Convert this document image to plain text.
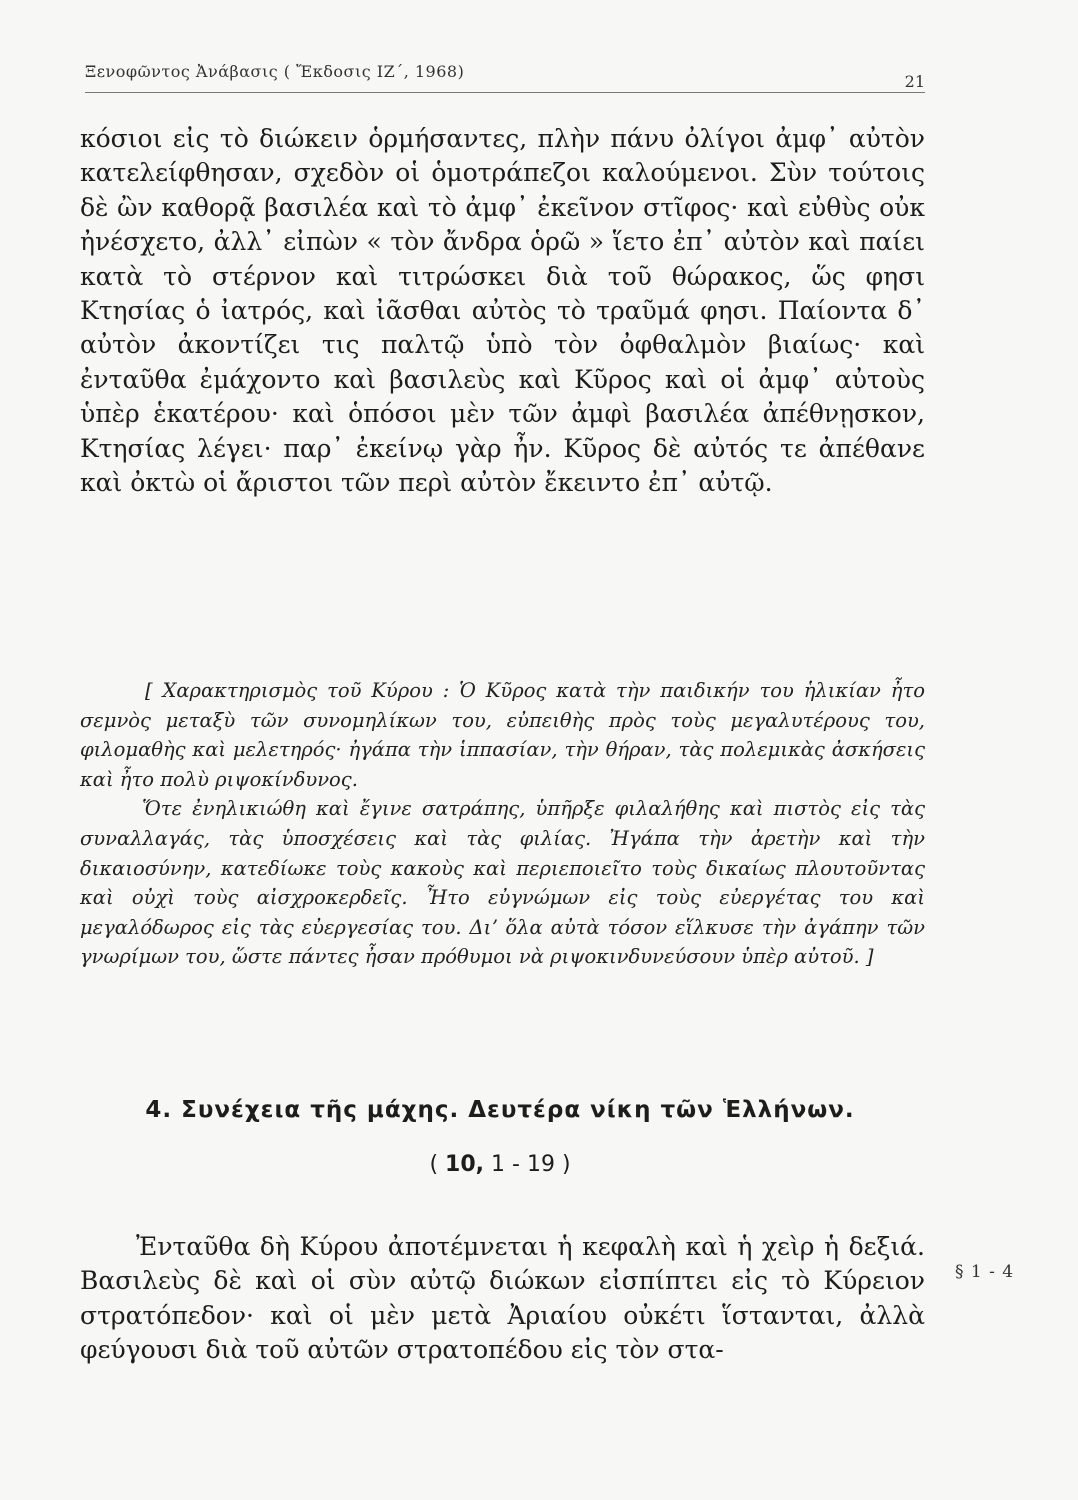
Ξενοφῶντος Ἀνάβασις ( Ἔκδοσις ΙΖ΄, 1968)
21

κόσιοι εἰς τὸ διώκειν ὁρμήσαντες, πλὴν πάνυ ὀλίγοι ἀμφ᾽ αὐτὸν κατελείφθησαν, σχεδὸν οἱ ὁμοτράπεζοι καλούμενοι. Σὺν τούτοις δὲ ὢν καθορᾷ βασιλέα καὶ τὸ ἀμφ᾽ ἐκεῖνον στῖφος· καὶ εὐθὺς οὐκ ἠνέσχετο, ἀλλ᾽ εἰπὼν « τὸν ἄνδρα ὁρῶ » ἵετο ἐπ᾽ αὐτὸν καὶ παίει κατὰ τὸ στέρνον καὶ τιτρώσκει διὰ τοῦ θώρακος, ὥς φησι Κτησίας ὁ ἰατρός, καὶ ἰᾶσθαι αὐτὸς τὸ τραῦμά φησι. Παίοντα δ᾽ αὐτὸν ἀκοντίζει τις παλτῷ ὑπὸ τὸν ὀφθαλμὸν βιαίως· καὶ ἐνταῦθα ἐμάχοντο καὶ βασιλεὺς καὶ Κῦρος καὶ οἱ ἀμφ᾽ αὐτοὺς ὑπὲρ ἑκατέρου· καὶ ὁπόσοι μὲν τῶν ἀμφὶ βασιλέα ἀπέθνῃσκον, Κτησίας λέγει· παρ᾽ ἐκείνῳ γὰρ ἦν. Κῦρος δὲ αὐτός τε ἀπέθανε καὶ ὀκτὼ οἱ ἄριστοι τῶν περὶ αὐτὸν ἔκειντο ἐπ᾽ αὐτῷ.

[ Χαρακτηρισμὸς τοῦ Κύρου : Ὁ Κῦρος κατὰ τὴν παιδικήν του ἡλικίαν ἦτο σεμνὸς μεταξὺ τῶν συνομηλίκων του, εὐπειθὴς πρὸς τοὺς μεγαλυτέρους του, φιλομαθὴς καὶ μελετηρός· ἠγάπα τὴν ἱππασίαν, τὴν θήραν, τὰς πολεμικὰς ἀσκήσεις καὶ ἦτο πολὺ ριψοκίνδυνος.

Ὅτε ἐνηλικιώθη καὶ ἔγινε σατράπης, ὑπῆρξε φιλαλήθης καὶ πιστὸς εἰς τὰς συναλλαγάς, τὰς ὑποσχέσεις καὶ τὰς φιλίας. Ἠγάπα τὴν ἀρετὴν καὶ τὴν δικαιοσύνην, κατεδίωκε τοὺς κακοὺς καὶ περιεποιεῖτο τοὺς δικαίως πλουτοῦντας καὶ οὐχὶ τοὺς αἰσχροκερδεῖς. Ἦτο εὐγνώμων εἰς τοὺς εὐεργέτας του καὶ μεγαλόδωρος εἰς τὰς εὐεργεσίας του. Διʼ ὅλα αὐτὰ τόσον εἵλκυσε τὴν ἀγάπην τῶν γνωρίμων του, ὥστε πάντες ἦσαν πρόθυμοι νὰ ριψοκινδυνεύσουν ὑπὲρ αὐτοῦ. ]

4. Συνέχεια τῆς μάχης. Δευτέρα νίκη τῶν Ἑλλήνων.
( 10, 1 - 19 )

Ἐνταῦθα δὴ Κύρου ἀποτέμνεται ἡ κεφαλὴ καὶ ἡ χεὶρ ἡ δεξιά. Βασιλεὺς δὲ καὶ οἱ σὺν αὐτῷ διώκων εἰσπίπτει εἰς τὸ Κύρειον στρατόπεδον· καὶ οἱ μὲν μετὰ Ἀριαίου οὐκέτι ἵστανται, ἀλλὰ φεύγουσι διὰ τοῦ αὐτῶν στρατοπέδου εἰς τὸν στα-

§ 1 - 4
